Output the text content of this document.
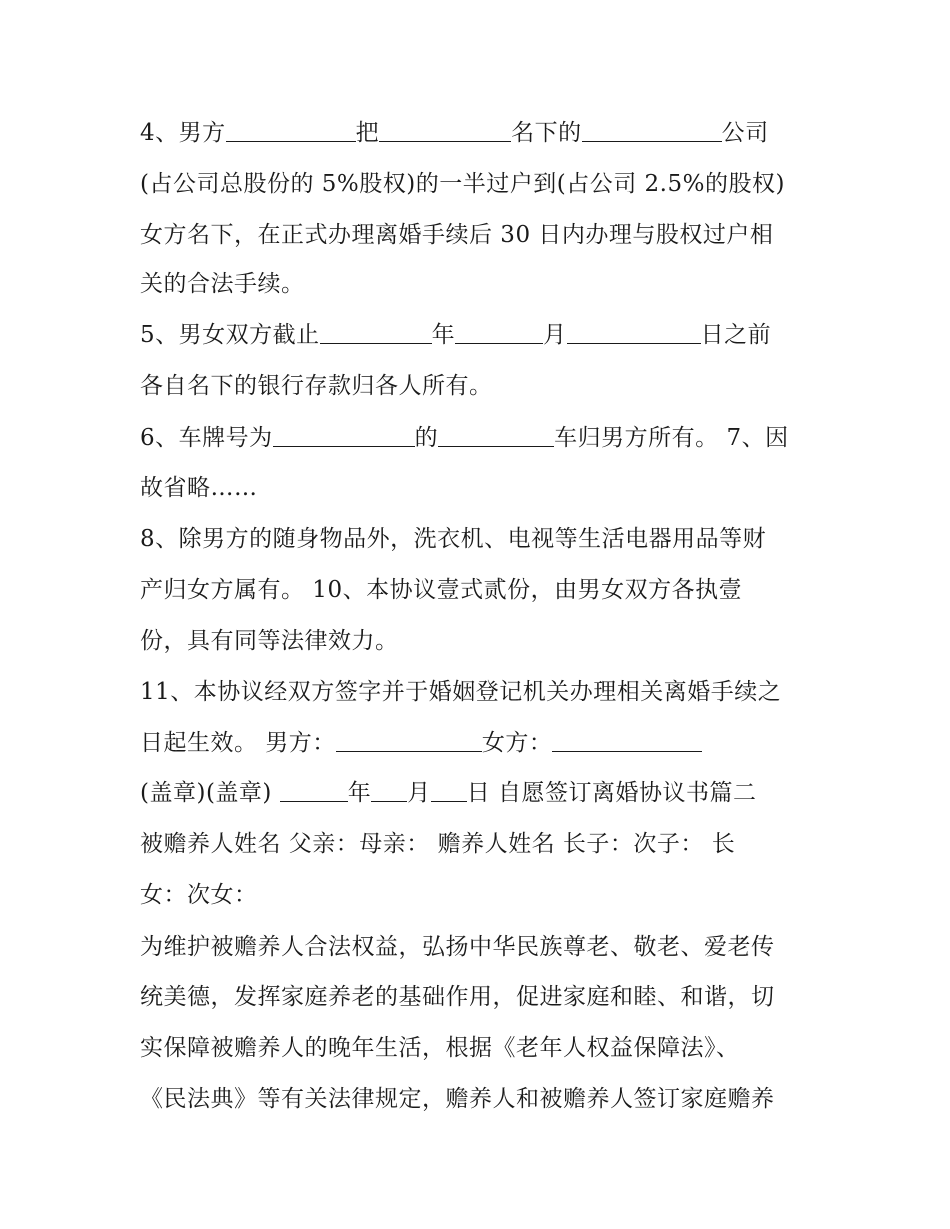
4、男方	把	名下的	公司
(占公司总股份的 5%股权)的一半过户到(占公司 2.5%的股权)
女方名下，在正式办理离婚手续后 30 日内办理与股权过户相
关的合法手续。
5、男女双方截止	年	月	日之前
各自名下的银行存款归各人所有。
6、车牌号为	的	车归男方所有。 7、因
故省略……
8、除男方的随身物品外，洗衣机、电视等生活电器用品等财
产归女方属有。 10、本协议壹式贰份，由男女双方各执壹
份，具有同等法律效力。
11、本协议经双方签字并于婚姻登记机关办理相关离婚手续之
日起生效。 男方：	女方：
(盖章)(盖章)	年 月 日 自愿签订离婚协议书篇二
被赡养人姓名 父亲：母亲： 赡养人姓名 长子：次子： 长
女：次女：
为维护被赡养人合法权益，弘扬中华民族尊老、敬老、爱老传
统美德，发挥家庭养老的基础作用，促进家庭和睦、和谐，切
实保障被赡养人的晚年生活，根据《老年人权益保障法》、
《民法典》等有关法律规定，赡养人和被赡养人签订家庭赡养
